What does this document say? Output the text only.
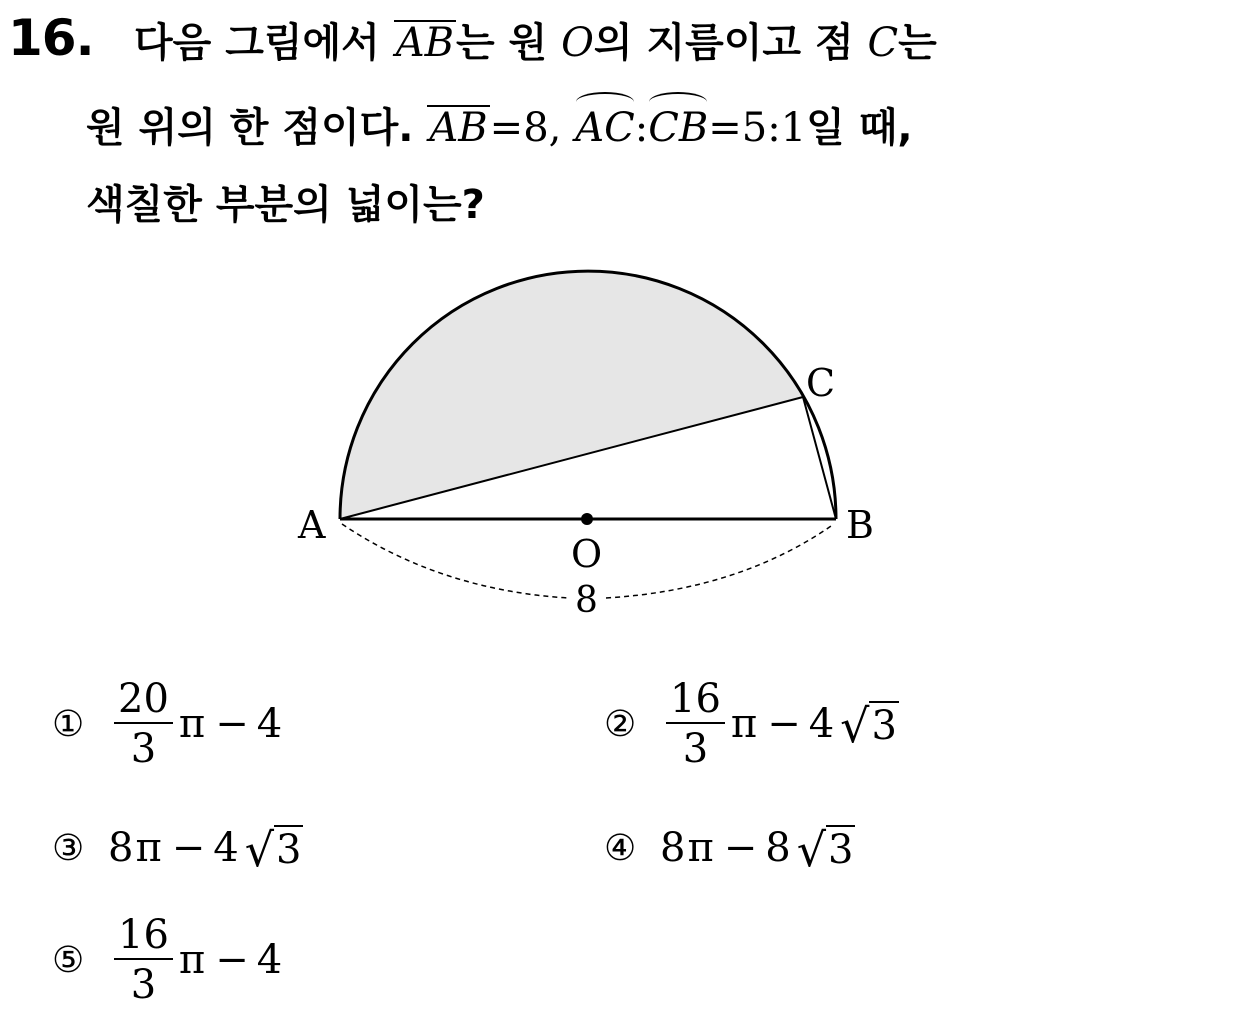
16. 다음 그림에서 AB는 원 O의 지름이고 점 C는
원 위의 한 점이다. AB=8, AC:CB=5:1일 때,
색칠한 부분의 넓이는?
A	B
C
O
8
① $\frac{20}{3}$ π − 4	② $\frac{16}{3}$ π − 4 √ 3
③ 8 π − 4 √ 3	④ 8 π − 8 √ 3
⑤ $\frac{16}{3}$ π − 4
